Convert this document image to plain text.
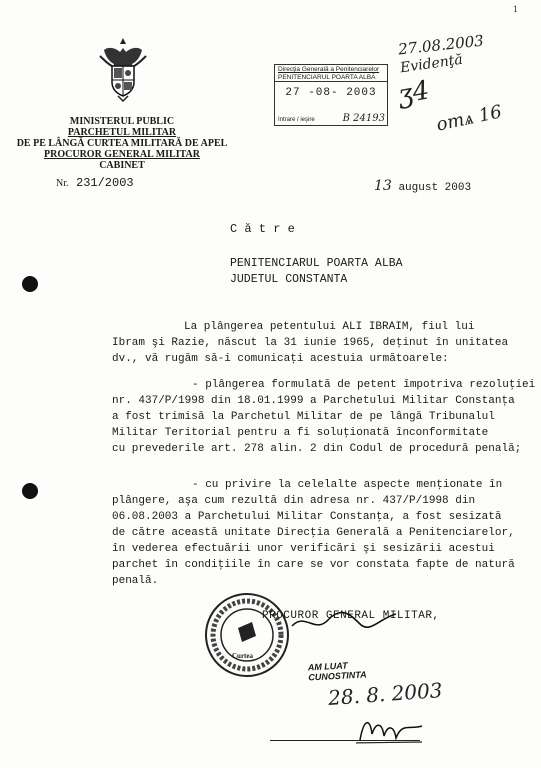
1
MINISTERUL PUBLIC
PARCHETUL MILITAR
DE PE LÂNGĂ CURTEA MILITARĂ DE APEL
PROCUROR GENERAL MILITAR
CABINET
Nr. 231/2003
Direcţia Generală a Penitenciarelor
PENITENCIARUL POARTA ALBĂ
27 -08- 2003
Intrare / ieşire	B 24193
27.08.2003
Evidenţă
ʒ4
отѧ 16
13 august 2003
C ă t r e
PENITENCIARUL POARTA ALBA
JUDETUL CONSTANTA
La plângerea petentului ALI IBRAIM, fiul lui
Ibram şi Razie, născut la 31 iunie 1965, deţinut în unitatea
dv., vă rugăm să-i comunicaţi acestuia următoarele:
- plângerea formulată de petent împotriva rezoluţiei
nr. 437/P/1998 din 18.01.1999 a Parchetului Militar Constanţa
a fost trimisă la Parchetul Militar de pe lângă Tribunalul
Militar Teritorial pentru a fi soluţionată înconformitate
cu prevederile art. 278 alin. 2 din Codul de procedură penală;
- cu privire la celelalte aspecte menţionate în
plângere, aşa cum rezultă din adresa nr. 437/P/1998 din
06.08.2003 a Parchetului Militar Constanţa, a fost sesizată
de către această unitate Direcţia Generală a Penitenciarelor,
în vederea efectuării unor verificări şi sesizării acestui
parchet în condiţiile în care se vor constata fapte de natură
penală.
Curtea
PROCUROR GENERAL MILITAR,
AM LUAT CUNOSTINTA
28. 8. 2003
